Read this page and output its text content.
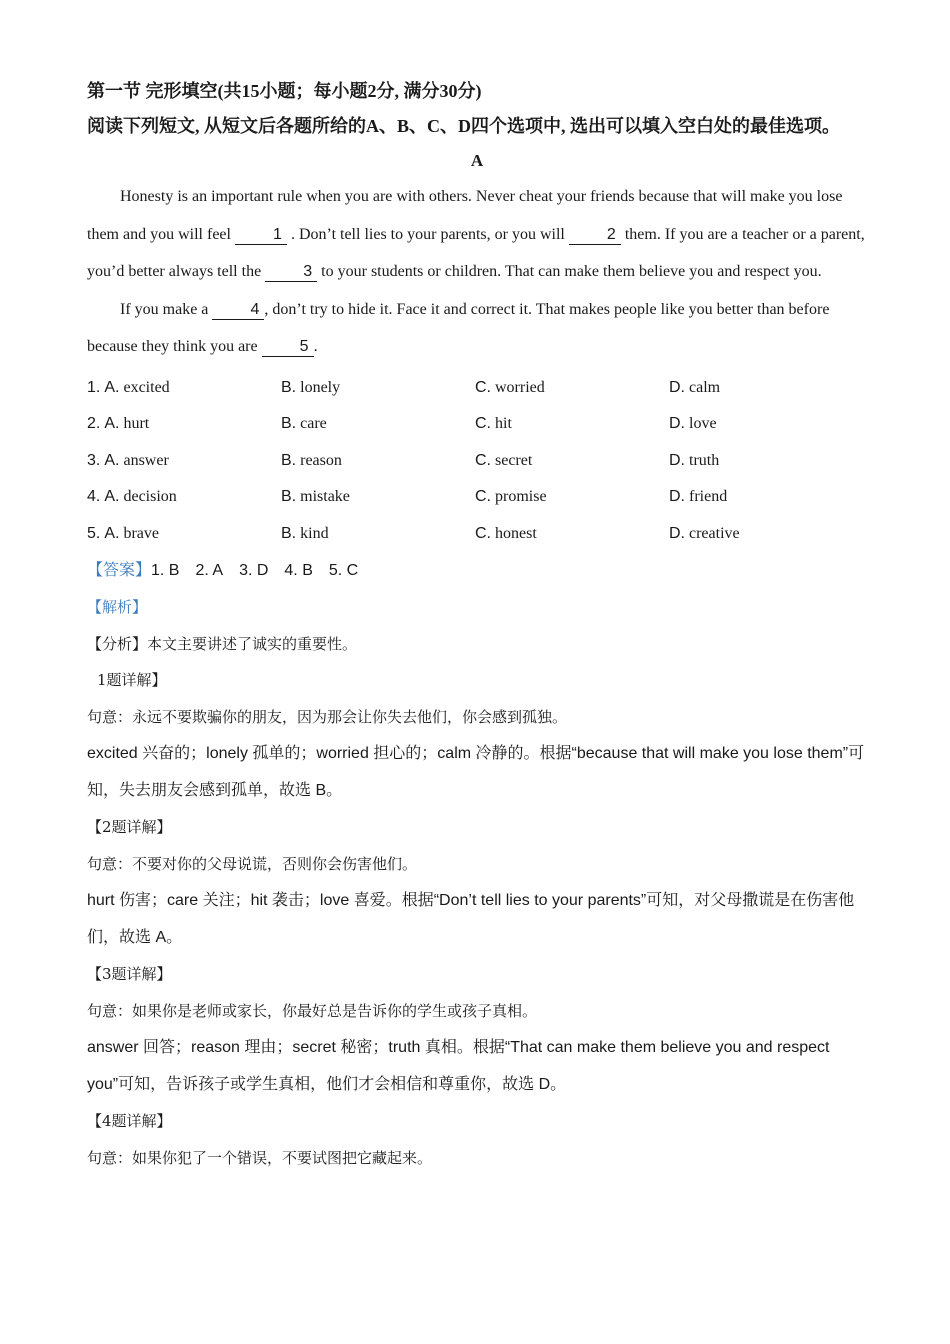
第一节 完形填空(共15小题；每小题2分, 满分30分)

阅读下列短文, 从短文后各题所给的A、B、C、D四个选项中, 选出可以填入空白处的最佳选项。

A

Honesty is an important rule when you are with others. Never cheat your friends because that will make you lose them and you will feel 1 . Don’t tell lies to your parents, or you will 2 them. If you are a teacher or a parent, you’d better always tell the 3 to your students or children. That can make them believe you and respect you.

If you make a 4 , don’t try to hide it. Face it and correct it. That makes people like you better than before because they think you are 5 .

1. A. excited	B. lonely	C. worried	D. calm
2. A. hurt	B. care	C. hit	D. love
3. A. answer	B. reason	C. secret	D. truth
4. A. decision	B. mistake	C. promise	D. friend
5. A. brave	B. kind	C. honest	D. creative
【答案】1. B 2. A 3. D 4. B 5. C

【解析】

【分析】本文主要讲述了诚实的重要性。

1题详解】

句意：永远不要欺骗你的朋友，因为那会让你失去他们，你会感到孤独。

excited 兴奋的；lonely 孤单的；worried 担心的；calm 冷静的。根据“because that will make you lose them”可知，失去朋友会感到孤单，故选 B。

【2题详解】

句意：不要对你的父母说谎，否则你会伤害他们。

hurt 伤害；care 关注；hit 袭击；love 喜爱。根据“Don’t tell lies to your parents”可知，对父母撒谎是在伤害他们，故选 A。

【3题详解】

句意：如果你是老师或家长，你最好总是告诉你的学生或孩子真相。

answer 回答；reason 理由；secret 秘密；truth 真相。根据“That can make them believe you and respect you”可知，告诉孩子或学生真相，他们才会相信和尊重你，故选 D。

【4题详解】

句意：如果你犯了一个错误，不要试图把它藏起来。
